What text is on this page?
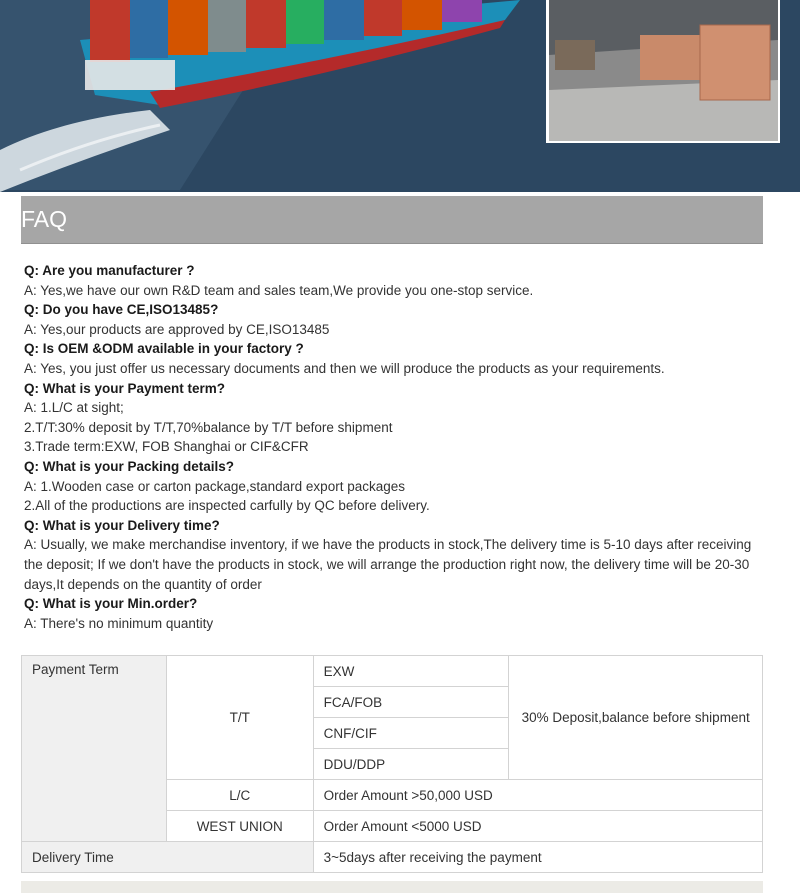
FAQ
Q: Are you manufacturer ?
A: Yes,we have our own R&D team and sales team,We provide you one-stop service.
Q: Do you have CE,ISO13485?
A: Yes,our products are approved by CE,ISO13485
Q: Is OEM &ODM available in your factory ?
A: Yes, you just offer us necessary documents and then we will produce the products as your requirements.
Q: What is your Payment term?
A: 1.L/C at sight;
2.T/T:30% deposit by T/T,70%balance by T/T before shipment
3.Trade term:EXW, FOB Shanghai or CIF&CFR
Q: What is your Packing details?
A: 1.Wooden case or carton package,standard export packages
2.All of the productions are inspected carfully by QC before delivery.
Q: What is your Delivery time?
A: Usually, we make merchandise inventory, if we have the products in stock,The delivery time is 5-10 days after receiving the deposit; If we don't have the products in stock, we will arrange the production right now, the delivery time will be 20-30 days,It depends on the quantity of order
Q: What is your Min.order?
A: There's no minimum quantity
Payment Term	T/T	EXW	30% Deposit,balance before shipment
		FCA/FOB	
		CNF/CIF	
		DDU/DDP	
	L/C	Order Amount >50,000 USD	
	WEST UNION	Order Amount <5000 USD	
Delivery Time		3~5days after receiving the payment	
